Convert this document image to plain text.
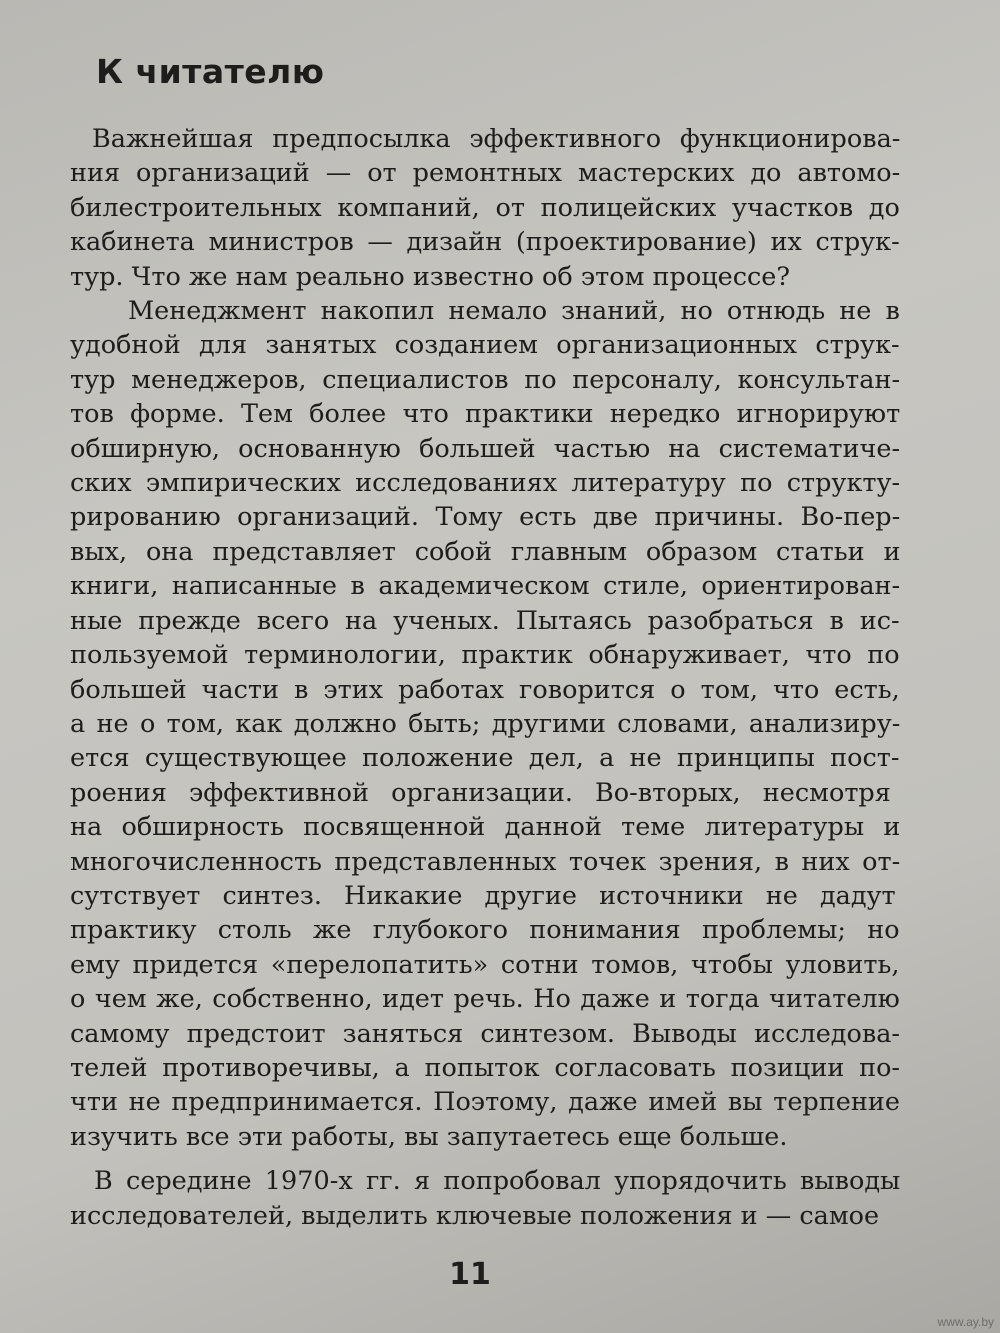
К читателю
Важнейшая предпосылка эффективного функционирова-
ния организаций — от ремонтных мастерских до автомо-
билестроительных компаний, от полицейских участков до
кабинета министров — дизайн (проектирование) их струк-
тур. Что же нам реально известно об этом процессе?
Менеджмент накопил немало знаний, но отнюдь не в
удобной для занятых созданием организационных струк-
тур менеджеров, специалистов по персоналу, консультан-
тов форме. Тем более что практики нередко игнорируют
обширную, основанную большей частью на систематиче-
ских эмпирических исследованиях литературу по структу-
рированию организаций. Тому есть две причины. Во-пер-
вых, она представляет собой главным образом статьи и
книги, написанные в академическом стиле, ориентирован-
ные прежде всего на ученых. Пытаясь разобраться в ис-
пользуемой терминологии, практик обнаруживает, что по
большей части в этих работах говорится о том, что есть,
а не о том, как должно быть; другими словами, анализиру-
ется существующее положение дел, а не принципы пост-
роения эффективной организации. Во-вторых, несмотря
на обширность посвященной данной теме литературы и
многочисленность представленных точек зрения, в них от-
сутствует синтез. Никакие другие источники не дадут
практику столь же глубокого понимания проблемы; но
ему придется «перелопатить» сотни томов, чтобы уловить,
о чем же, собственно, идет речь. Но даже и тогда читателю
самому предстоит заняться синтезом. Выводы исследова-
телей противоречивы, а попыток согласовать позиции по-
чти не предпринимается. Поэтому, даже имей вы терпение
изучить все эти работы, вы запутаетесь еще больше.
В середине 1970-х гг. я попробовал упорядочить выводы
исследователей, выделить ключевые положения и — самое
11
www.ay.by
